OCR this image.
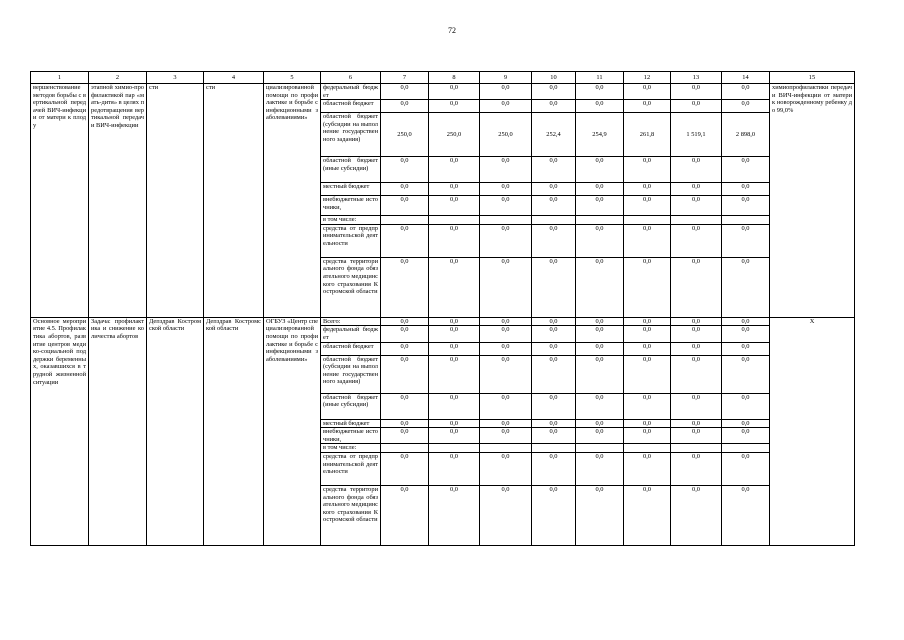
72
1	2	3	4	5	6	7	8	9	10	11	12	13	14	15
вершенствование методов борьбы с вертикальной передачей ВИЧ-инфекции от матери к плоду	этапной химио-профилактикой пар «мать-дитя» в целях предотвращения вертикальной передачи ВИЧ-инфекции	сти	сти	циализированной помощи по профилактике и борьбе с инфекционными заболеваниями»	федеральный бюджет	0,0	0,0	0,0	0,0	0,0	0,0	0,0	0,0	химиопрофилактики передачи ВИЧ-инфекции от матери к новорожденному ребенку до 99,0%
					областной бюджет	0,0	0,0	0,0	0,0	0,0	0,0	0,0	0,0	
					областной бюджет (субсидии на выполнение государственного задания)	250,0	250,0	250,0	252,4	254,9	261,8	1 519,1	2 898,0	
					областной бюджет (иные субсидии)	0,0	0,0	0,0	0,0	0,0	0,0	0,0	0,0	
					местный бюджет	0,0	0,0	0,0	0,0	0,0	0,0	0,0	0,0	
					внебюджетные источники,	0,0	0,0	0,0	0,0	0,0	0,0	0,0	0,0	
					в том числе:									
					средства от предпринимательской деятельности	0,0	0,0	0,0	0,0	0,0	0,0	0,0	0,0	
					средства территориального фонда обязательного медицинского страхования Костромской области	0,0	0,0	0,0	0,0	0,0	0,0	0,0	0,0	
Основное мероприятие 4.5. Профилактика абортов, развитие центров медико-социальной поддержки беременных, оказавшихся в трудной жизненной ситуации	Задача: профилактика и снижение количества абортов	Депздрав Костромской области	Депздрав Костромской области	ОГБУЗ «Центр специализированной помощи по профилактике и борьбе с инфекционными заболеваниями»	Всего:	0,0	0,0	0,0	0,0	0,0	0,0	0,0	0,0	X
					федеральный бюджет	0,0	0,0	0,0	0,0	0,0	0,0	0,0	0,0	
					областной бюджет	0,0	0,0	0,0	0,0	0,0	0,0	0,0	0,0	
					областной бюджет (субсидии на выполнение государственного задания)	0,0	0,0	0,0	0,0	0,0	0,0	0,0	0,0	
					областной бюджет (иные субсидии)	0,0	0,0	0,0	0,0	0,0	0,0	0,0	0,0	
					местный бюджет	0,0	0,0	0,0	0,0	0,0	0,0	0,0	0,0	
					внебюджетные источники,	0,0	0,0	0,0	0,0	0,0	0,0	0,0	0,0	
					в том числе:									
					средства от предпринимательской деятельности	0,0	0,0	0,0	0,0	0,0	0,0	0,0	0,0	
					средства территориального фонда обязательного медицинского страхования Костромской области	0,0	0,0	0,0	0,0	0,0	0,0	0,0	0,0	
